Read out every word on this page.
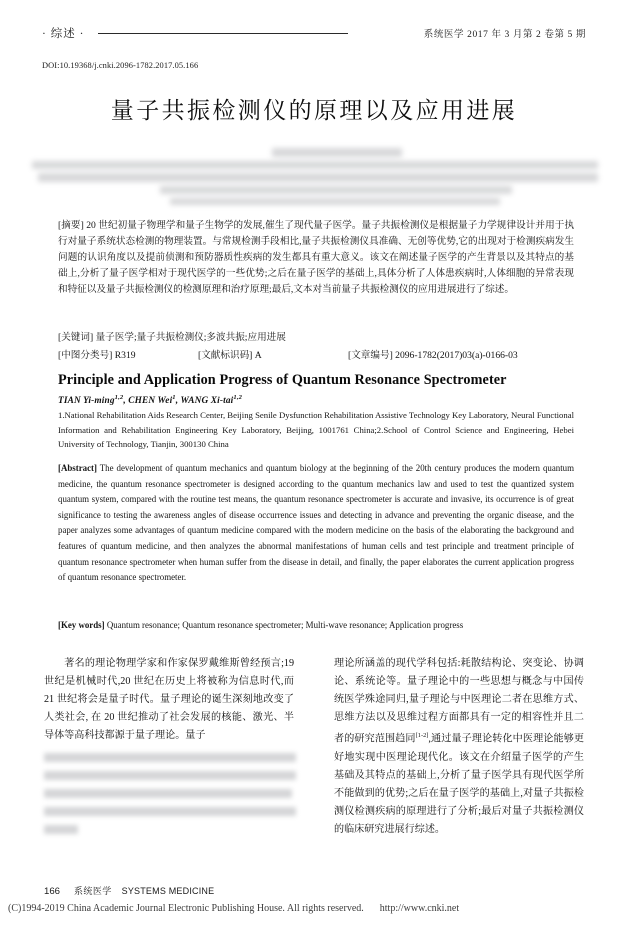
· 综述 ·	系统医学 2017 年 3 月第 2 卷第 5 期
DOI:10.19368/j.cnki.2096-1782.2017.05.166
量子共振检测仪的原理以及应用进展

[摘要] 20 世纪初量子物理学和量子生物学的发展,催生了现代量子医学。量子共振检测仪是根据量子力学规律设计并用于执行对量子系统状态检测的物理装置。与常规检测手段相比,量子共振检测仪具准确、无创等优势,它的出现对于检测疾病发生问题的认识角度以及提前侦测和预防器质性疾病的发生都具有重大意义。该文在阐述量子医学的产生背景以及其特点的基础上,分析了量子医学相对于现代医学的一些优势;之后在量子医学的基础上,具体分析了人体患疾病时,人体细胞的异常表现和特征以及量子共振检测仪的检测原理和治疗原理;最后,文本对当前量子共振检测仪的应用进展进行了综述。

[关键词] 量子医学;量子共振检测仪;多波共振;应用进展
[中图分类号] R319	[文献标识码] A	[文章编号] 2096-1782(2017)03(a)-0166-03
Principle and Application Progress of Quantum Resonance Spectrometer
TIAN Yi-ming$^{1,2}$, CHEN Wei$^1$, WANG Xi-tai$^{1,2}$
1.National Rehabilitation Aids Research Center, Beijing Senile Dysfunction Rehabilitation Assistive Technology Key Laboratory, Neural Functional Information and Rehabilitation Engineering Key Laboratory, Beijing, 1001761 China;2.School of Control Science and Engineering, Hebei University of Technology, Tianjin, 300130 China
[Abstract] The development of quantum mechanics and quantum biology at the beginning of the 20th century produces the modern quantum medicine, the quantum resonance spectrometer is designed according to the quantum mechanics law and used to test the quantized system quantum system, compared with the routine test means, the quantum resonance spectrometer is accurate and invasive, its occurrence is of great significance to testing the awareness angles of disease occurrence issues and detecting in advance and preventing the organic disease, and the paper analyzes some advantages of quantum medicine compared with the modern medicine on the basis of the elaborating the background and features of quantum medicine, and then analyzes the abnormal manifestations of human cells and test principle and treatment principle of quantum resonance spectrometer when human suffer from the disease in detail, and finally, the paper elaborates the current application progress of quantum resonance spectrometer.
[Key words] Quantum resonance; Quantum resonance spectrometer; Multi-wave resonance; Application progress

著名的理论物理学家和作家保罗戴维斯曾经预言;19 世纪是机械时代,20 世纪在历史上将被称为信息时代,而 21 世纪将会是量子时代。量子理论的诞生深刻地改变了人类社会, 在 20 世纪推动了社会发展的核能、激光、半导体等高科技都源于量子理论。量子

理论所涵盖的现代学科包括:耗散结构论、突变论、协调论、系统论等。量子理论中的一些思想与概念与中国传统医学殊途同归,量子理论与中医理论二者在思维方式、思维方法以及思维过程方面都具有一定的相容性并且二者的研究范围趋同[1-2],通过量子理论转化中医理论能够更好地实现中医理论现代化。该文在介绍量子医学的产生基础及其特点的基础上,分析了量子医学具有现代医学所不能做到的优势;之后在量子医学的基础上,对量子共振检测仪检测疾病的原理进行了分析;最后对量子共振检测仪的临床研究进展行综述。

166 系统医学 SYSTEMS MEDICINE
(C)1994-2019 China Academic Journal Electronic Publishing House. All rights reserved. http://www.cnki.net
